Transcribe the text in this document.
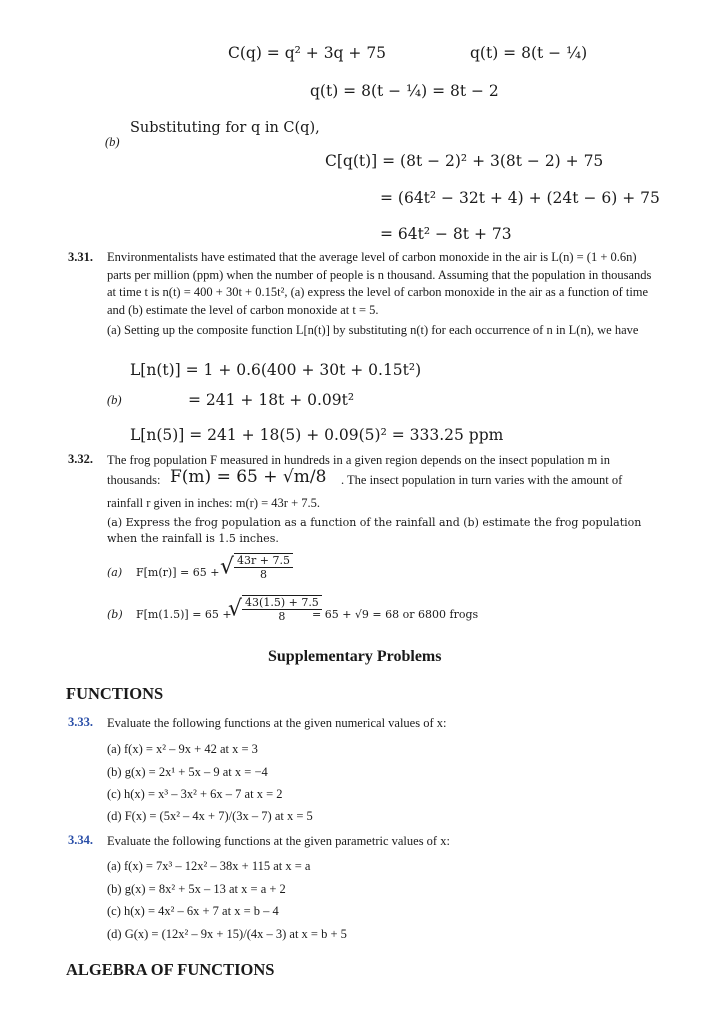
C(q) = q² + 3q + 75	q(t) = 8(t − ¼)
q(t) = 8(t − ¼) = 8t − 2
Substituting for q in C(q),
(b)
C[q(t)] = (8t − 2)² + 3(8t − 2) + 75
= (64t² − 32t + 4) + (24t − 6) + 75
= 64t² − 8t + 73
3.31. Environmentalists have estimated that the average level of carbon monoxide in the air is L(n) = (1 + 0.6n) parts per million (ppm) when the number of people is n thousand. Assuming that the population in thousands at time t is n(t) = 400 + 30t + 0.15t², (a) express the level of carbon monoxide in the air as a function of time and (b) estimate the level of carbon monoxide at t = 5.
(a) Setting up the composite function L[n(t)] by substituting n(t) for each occurrence of n in L(n), we have
L[n(t)] = 1 + 0.6(400 + 30t + 0.15t²)
(b)	= 241 + 18t + 0.09t²
L[n(5)] = 241 + 18(5) + 0.09(5)² = 333.25 ppm
3.32. The frog population F measured in hundreds in a given region depends on the insect population m in
thousands: F(m) = 65 + √m/8 . The insect population in turn varies with the amount of
rainfall r given in inches: m(r) = 43r + 7.5.
(a) Express the frog population as a function of the rainfall and (b) estimate the frog population when the rainfall is 1.5 inches.
(a) F[m(r)] = 65 + √ $\frac{43r + 7.5}{8}$
(b) F[m(1.5)] = 65 +
√ $\frac{43(1.5) + 7.5}{8}$
= 65 + √9 = 68 or 6800 frogs
Supplementary Problems
FUNCTIONS
3.33. Evaluate the following functions at the given numerical values of x:
(a) f(x) = x² – 9x + 42 at x = 3
(b) g(x) = 2x¹ + 5x – 9 at x = −4
(c) h(x) = x³ – 3x² + 6x – 7 at x = 2
(d) F(x) = (5x² – 4x + 7)/(3x – 7) at x = 5
3.34. Evaluate the following functions at the given parametric values of x:
(a) f(x) = 7x³ – 12x² – 38x + 115 at x = a
(b) g(x) = 8x² + 5x – 13 at x = a + 2
(c) h(x) = 4x² – 6x + 7 at x = b – 4
(d) G(x) = (12x² – 9x + 15)/(4x – 3) at x = b + 5
ALGEBRA OF FUNCTIONS
